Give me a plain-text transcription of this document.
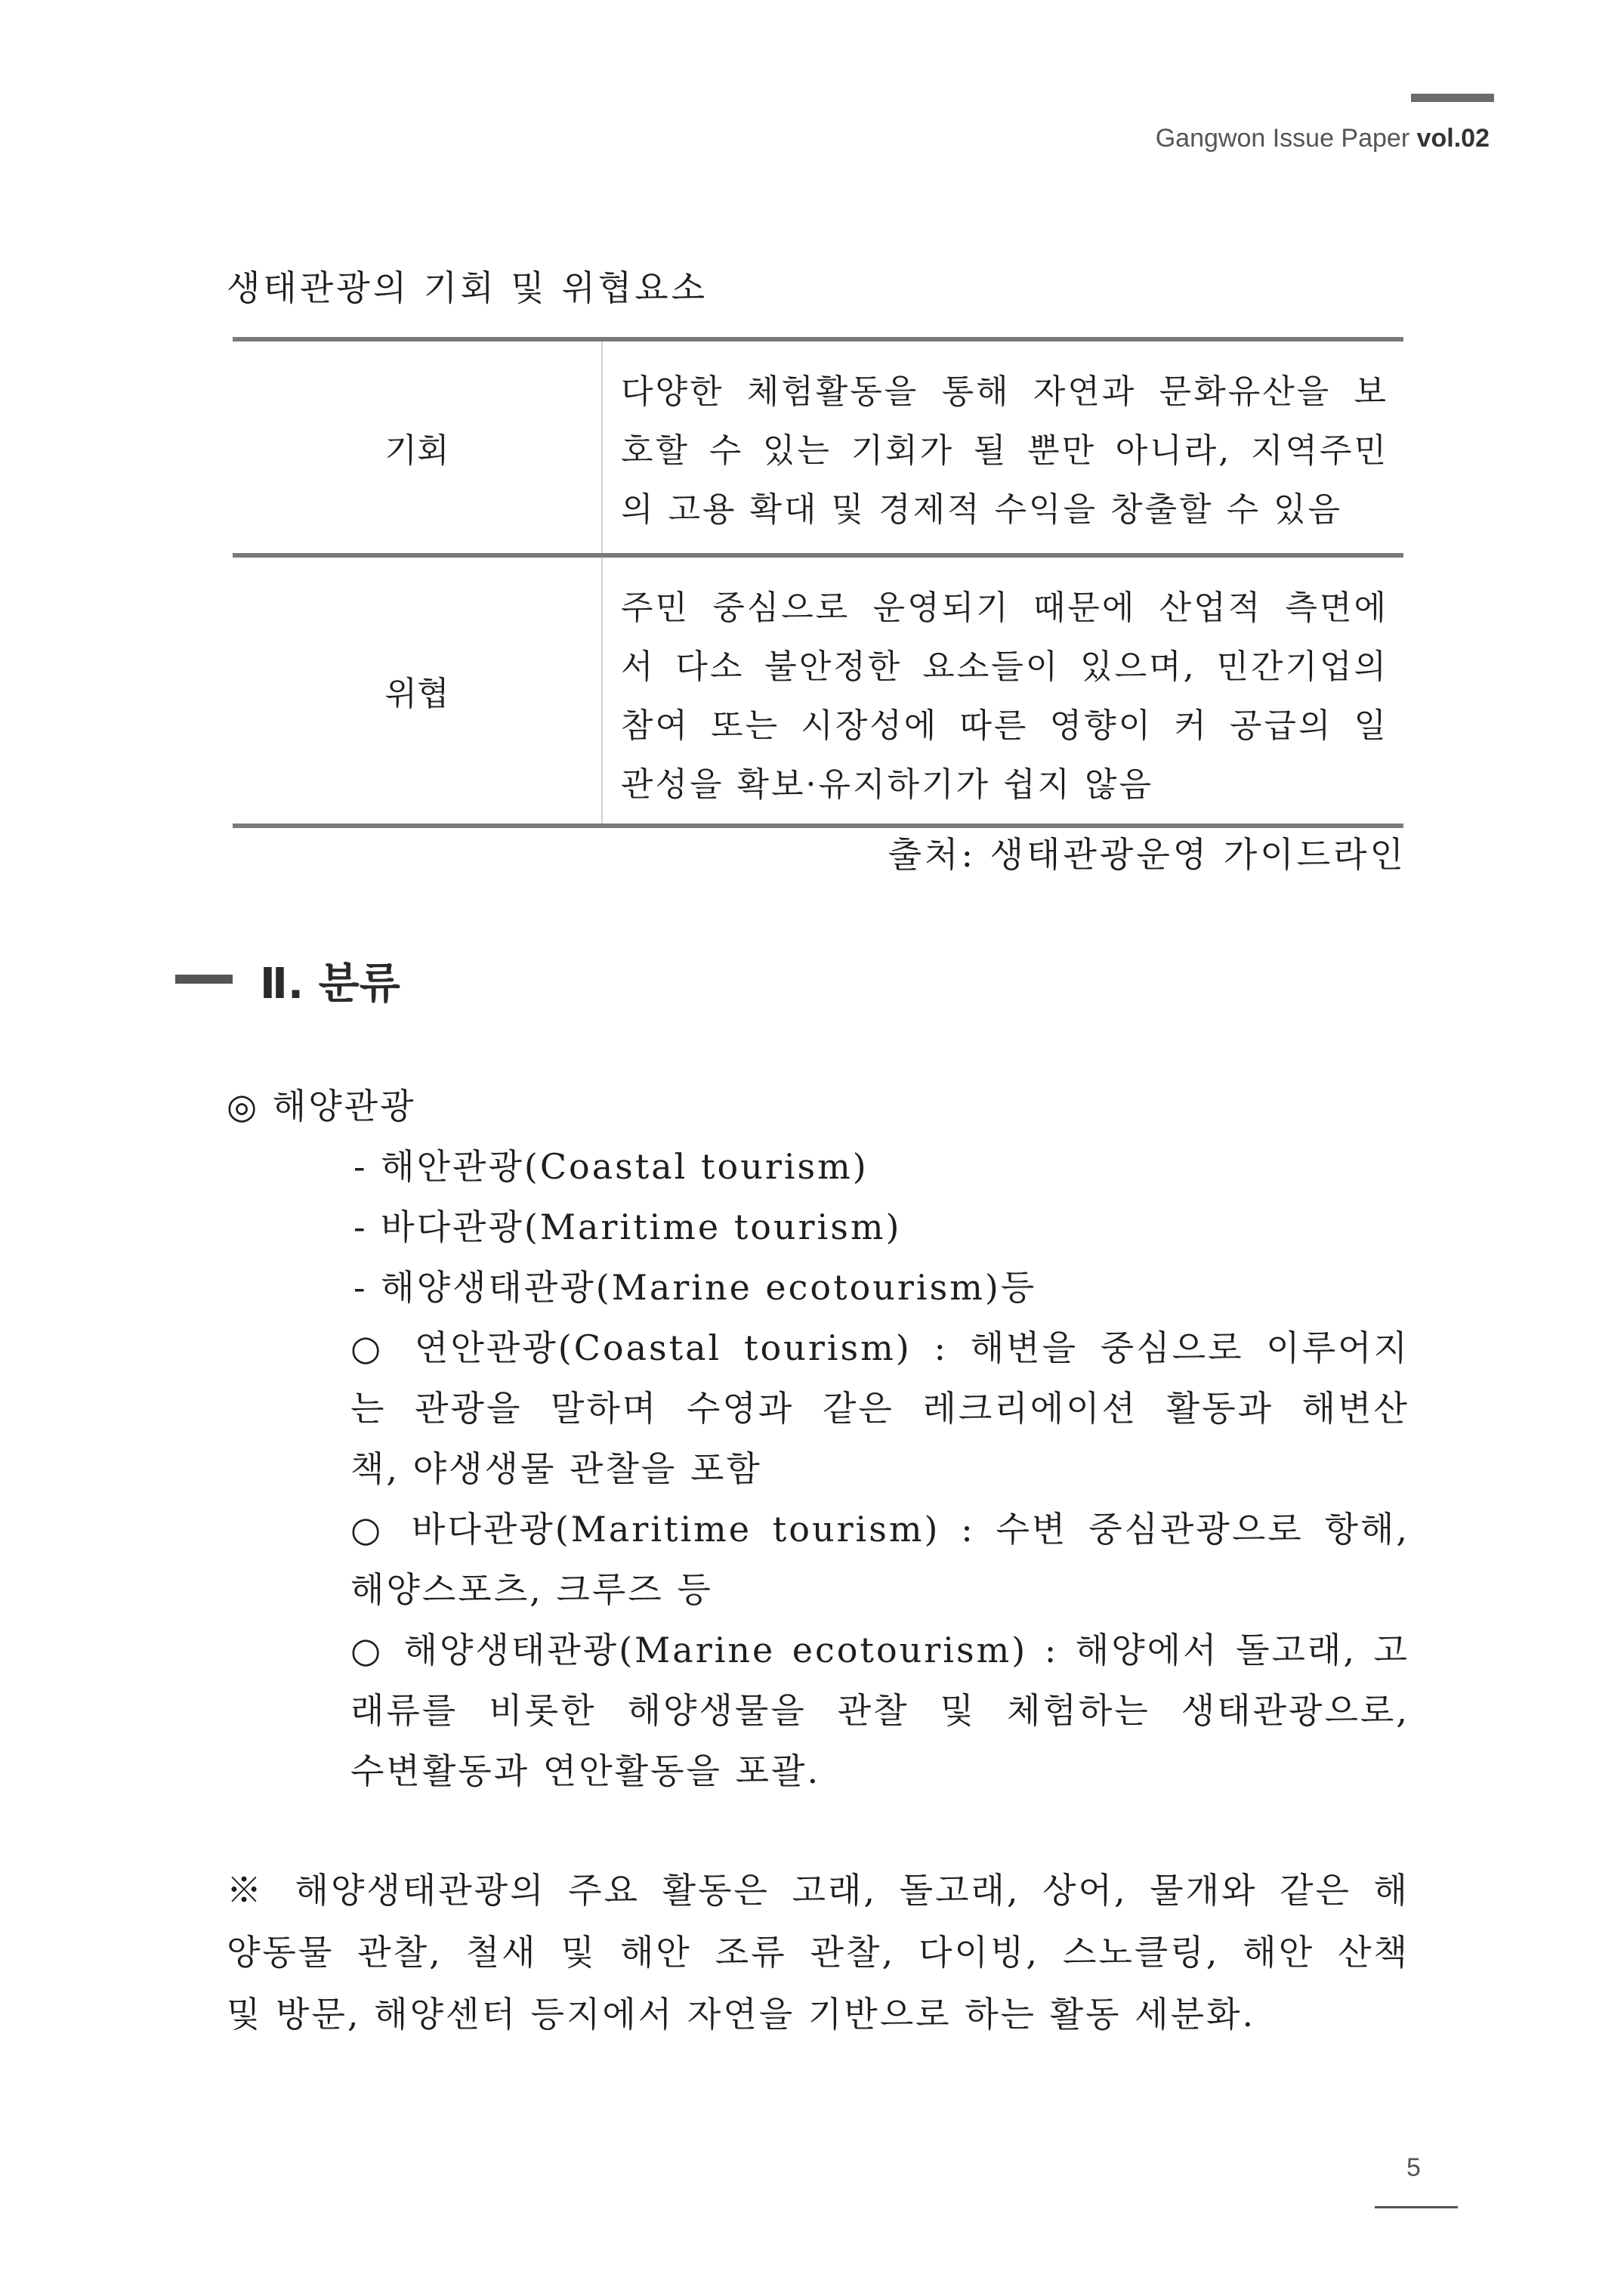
Gangwon Issue Paper vol.02
생태관광의 기회 및 위협요소
기회
다양한 체험활동을 통해 자연과 문화유산을 보
호할 수 있는 기회가 될 뿐만 아니라, 지역주민
의 고용 확대 및 경제적 수익을 창출할 수 있음
위협
주민 중심으로 운영되기 때문에 산업적 측면에
서 다소 불안정한 요소들이 있으며, 민간기업의
참여 또는 시장성에 따른 영향이 커 공급의 일
관성을 확보·유지하기가 쉽지 않음
출처: 생태관광운영 가이드라인
Ⅱ. 분류
◎ 해양관광
- 해안관광(Coastal tourism)
- 바다관광(Maritime tourism)
- 해양생태관광(Marine ecotourism)등
○ 연안관광(Coastal tourism) : 해변을 중심으로 이루어지
는 관광을 말하며 수영과 같은 레크리에이션 활동과 해변산
책, 야생생물 관찰을 포함
○ 바다관광(Maritime tourism) : 수변 중심관광으로 항해,
해양스포츠, 크루즈 등
○ 해양생태관광(Marine ecotourism) : 해양에서 돌고래, 고
래류를 비롯한 해양생물을 관찰 및 체험하는 생태관광으로,
수변활동과 연안활동을 포괄.
※ 해양생태관광의 주요 활동은 고래, 돌고래, 상어, 물개와 같은 해
양동물 관찰, 철새 및 해안 조류 관찰, 다이빙, 스노클링, 해안 산책
및 방문, 해양센터 등지에서 자연을 기반으로 하는 활동 세분화.
5
